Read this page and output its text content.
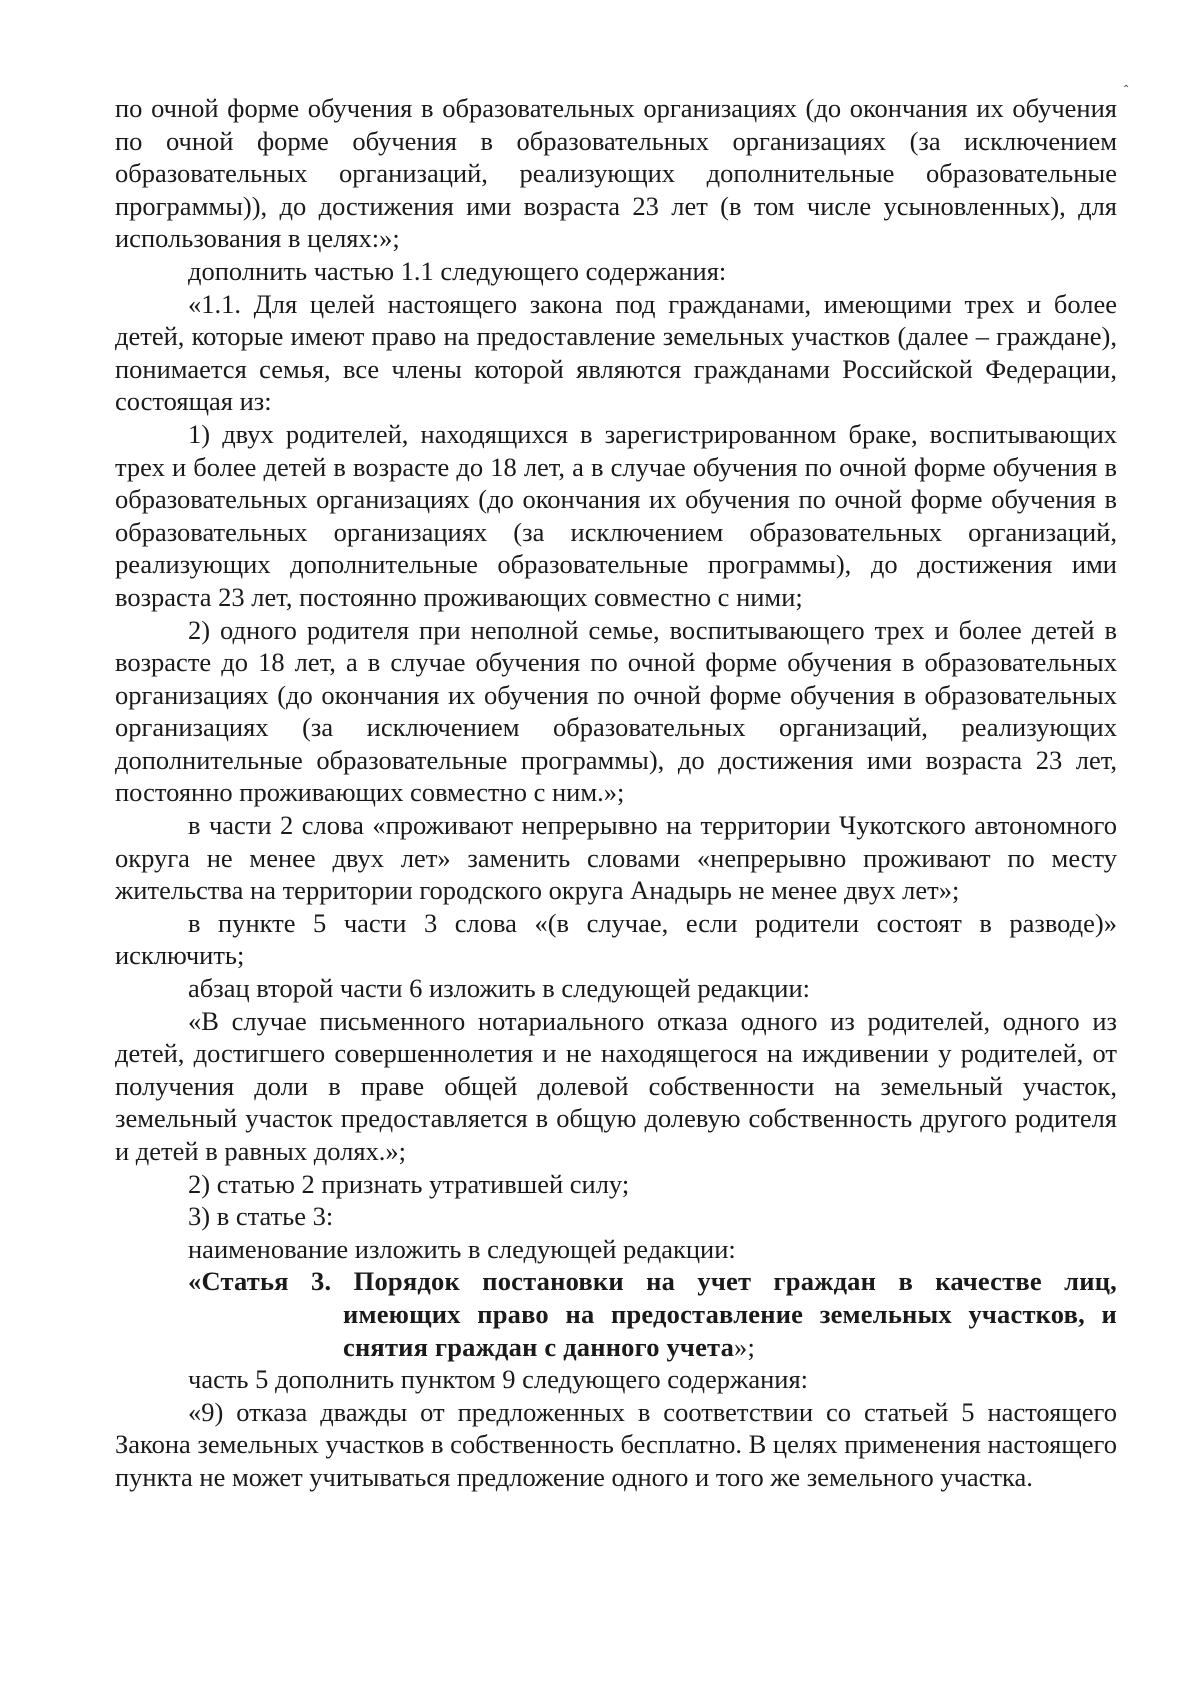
⌃

по очной форме обучения в образовательных организациях (до окончания их обучения по очной форме обучения в образовательных организациях (за исключением образовательных организаций, реализующих дополнительные образовательные программы)), до достижения ими возраста 23 лет (в том числе усыновленных), для использования в целях:»;

дополнить частью 1.1 следующего содержания:

«1.1. Для целей настоящего закона под гражданами, имеющими трех и более детей, которые имеют право на предоставление земельных участков (далее – граждане), понимается семья, все члены которой являются гражданами Российской Федерации, состоящая из:

1) двух родителей, находящихся в зарегистрированном браке, воспитывающих трех и более детей в возрасте до 18 лет, а в случае обучения по очной форме обучения в образовательных организациях (до окончания их обучения по очной форме обучения в образовательных организациях (за исключением образовательных организаций, реализующих дополнительные образовательные программы), до достижения ими возраста 23 лет, постоянно проживающих совместно с ними;

2) одного родителя при неполной семье, воспитывающего трех и более детей в возрасте до 18 лет, а в случае обучения по очной форме обучения в образовательных организациях (до окончания их обучения по очной форме обучения в образовательных организациях (за исключением образовательных организаций, реализующих дополнительные образовательные программы), до достижения ими возраста 23 лет, постоянно проживающих совместно с ним.»;

в части 2 слова «проживают непрерывно на территории Чукотского автономного округа не менее двух лет» заменить словами «непрерывно проживают по месту жительства на территории городского округа Анадырь не менее двух лет»;

в пункте 5 части 3 слова «(в случае, если родители состоят в разводе)» исключить;

абзац второй части 6 изложить в следующей редакции:

«В случае письменного нотариального отказа одного из родителей, одного из детей, достигшего совершеннолетия и не находящегося на иждивении у родителей, от получения доли в праве общей долевой собственности на земельный участок, земельный участок предоставляется в общую долевую собственность другого родителя и детей в равных долях.»;

2) статью 2 признать утратившей силу;

3) в статье 3:

наименование изложить в следующей редакции:

«Статья 3. Порядок постановки на учет граждан в качестве лиц,
имеющих право на предоставление земельных участков, и снятия граждан с данного учета»;

часть 5 дополнить пунктом 9 следующего содержания:

«9) отказа дважды от предложенных в соответствии со статьей 5 настоящего Закона земельных участков в собственность бесплатно. В целях применения настоящего пункта не может учитываться предложение одного и того же земельного участка.
